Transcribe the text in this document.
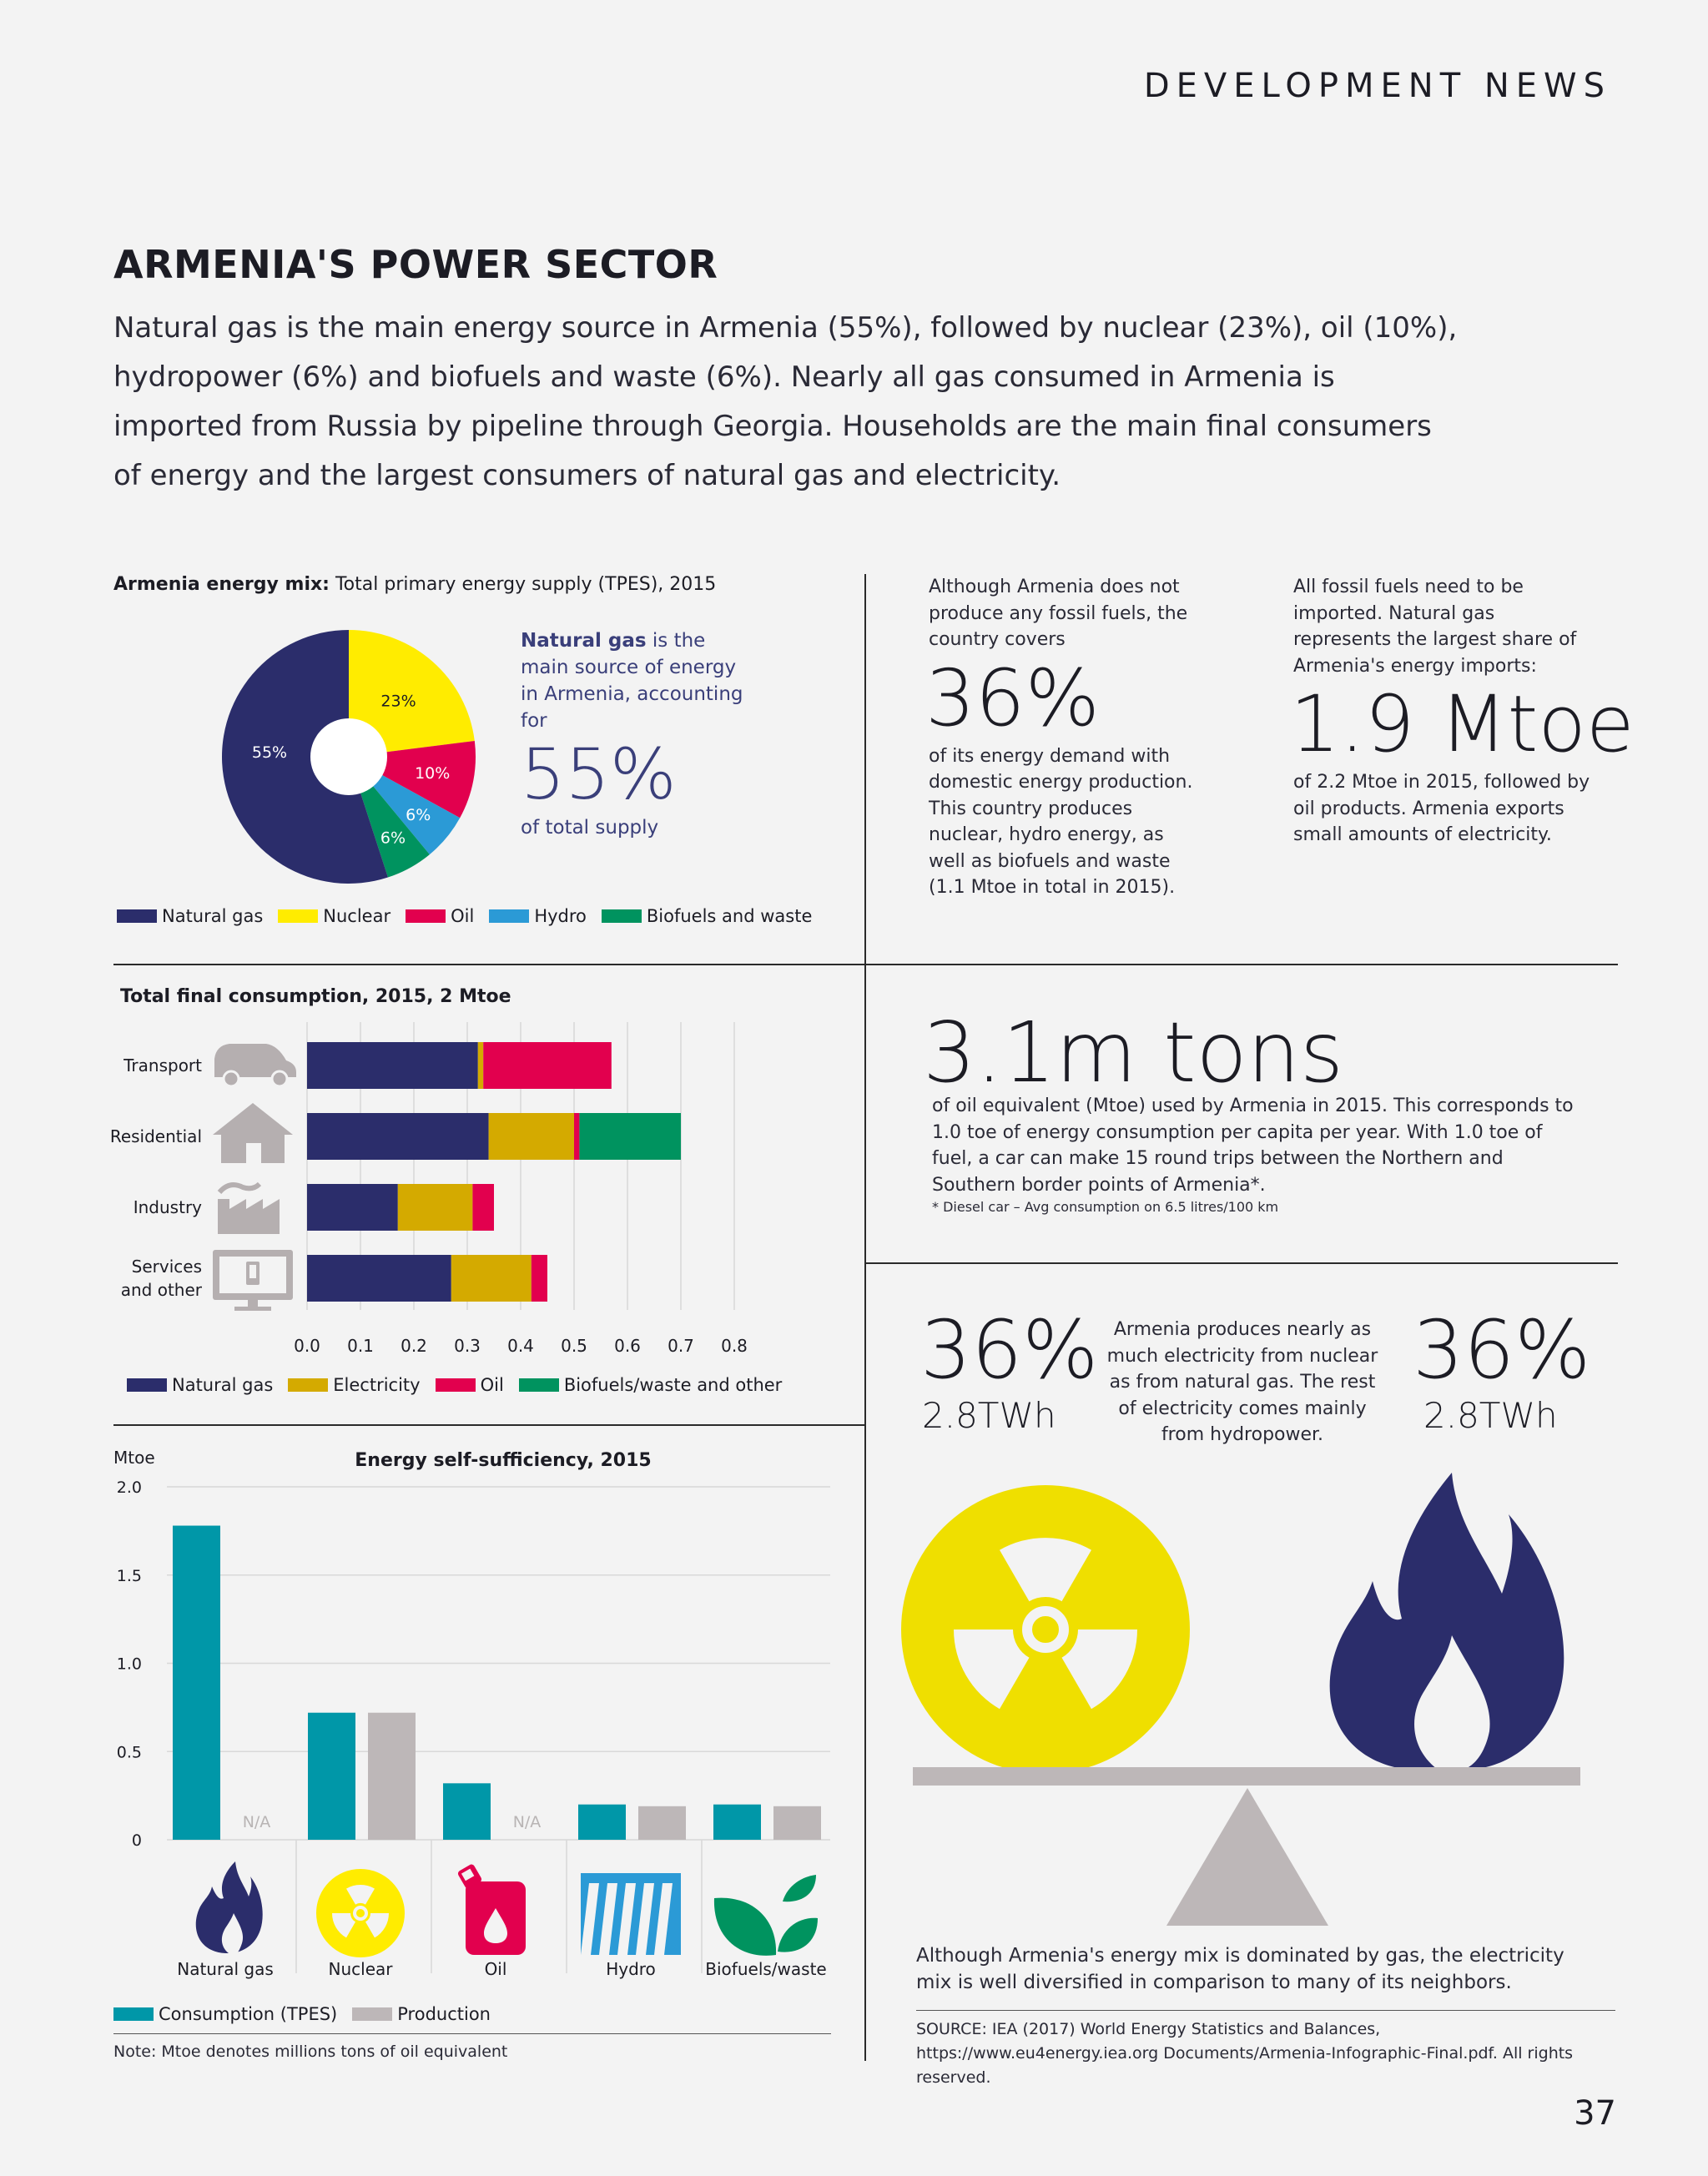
DEVELOPMENT NEWS
ARMENIA'S POWER SECTOR
Natural gas is the main energy source in Armenia (55%), followed by nuclear (23%), oil (10%), hydropower (6%) and biofuels and waste (6%). Nearly all gas consumed in Armenia is imported from Russia by pipeline through Georgia. Households are the main final consumers of energy and the largest consumers of natural gas and electricity.
Armenia energy mix: Total primary energy supply (TPES), 2015
23%
10%
6%
6%
55%
Natural gas is the main source of energy in Armenia, accounting for
55%
of total supply
Natural gas	Nuclear	Oil	Hydro	Biofuels and waste
Although Armenia does not produce any fossil fuels, the country covers
36%
of its energy demand with domestic energy production. This country produces nuclear, hydro energy, as well as biofuels and waste (1.1 Mtoe in total in 2015).
All fossil fuels need to be imported. Natural gas represents the largest share of Armenia's energy imports:
1.9 Mtoe
of 2.2 Mtoe in 2015, followed by oil products. Armenia exports small amounts of electricity.
Total final consumption, 2015, 2 Mtoe
0.0 0.1 0.2 0.3 0.4 0.5 0.6 0.7 0.8
Transport
Residential
Industry
Services
and other
Natural gas	Electricity	Oil	Biofuels/waste and other
Mtoe	Energy self-sufficiency, 2015
0
0.5
1.0
1.5
2.0
N/A
Natural gas	Nuclear
N/A
Oil	Hydro	Biofuels/waste
Consumption (TPES)	Production
Note: Mtoe denotes millions tons of oil equivalent
3.1m tons
of oil equivalent (Mtoe) used by Armenia in 2015. This corresponds to 1.0 toe of energy consumption per capita per year. With 1.0 toe of fuel, a car can make 15 round trips between the Northern and Southern border points of Armenia*.
* Diesel car – Avg consumption on 6.5 litres/100 km
36%
2.8TWh
Armenia produces nearly as much electricity from nuclear as from natural gas. The rest of electricity comes mainly from hydropower.
36%
2.8TWh
Although Armenia's energy mix is dominated by gas, the electricity mix is well diversified in comparison to many of its neighbors.
SOURCE: IEA (2017) World Energy Statistics and Balances, https://www.eu4energy.iea.org Documents/Armenia-Infographic-Final.pdf. All rights reserved.
37
